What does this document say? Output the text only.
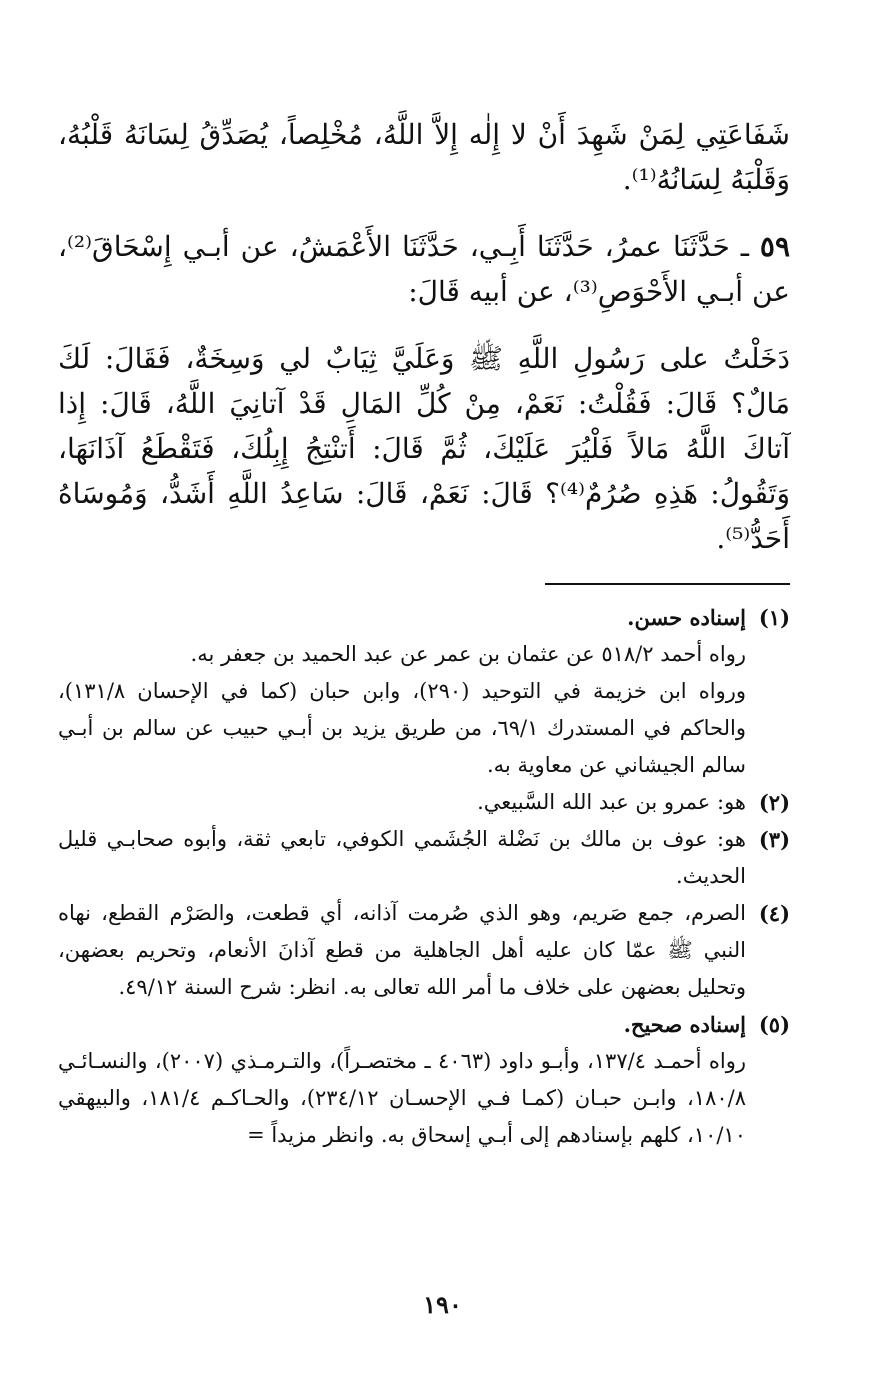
شَفَاعَتِي لِمَنْ شَهِدَ أَنْ لا إِلٰه إِلاَّ اللَّهُ، مُخْلِصاً، يُصَدِّقُ لِسَانَهُ قَلْبُهُ، وَقَلْبَهُ لِسَانُهُ⁽¹⁾.

٥٩ ـ حَدَّثَنَا عمرُ، حَدَّثَنَا أَبِـي، حَدَّثَنَا الأَعْمَشُ، عن أبـي إِسْحَاقَ⁽²⁾، عن أبـي الأَحْوَصِ⁽³⁾، عن أبيه قَالَ:

دَخَلْتُ على رَسُولِ اللَّهِ ﷺ وَعَلَيَّ ثِيَابٌ لي وَسِخَةٌ، فَقَالَ: لَكَ مَالٌ؟ قَالَ: فَقُلْتُ: نَعَمْ، مِنْ كُلِّ المَالِ قَدْ آتانِيَ اللَّهُ، قَالَ: إِذا آتاكَ اللَّهُ مَالاً فَلْيُرَ عَلَيْكَ، ثُمَّ قَالَ: أَتنْتِجُ إِبِلُكَ، فَتَقْطَعُ آذَانَهَا، وَتَقُولُ: هَذِهِ صُرُمٌ⁽⁴⁾؟ قَالَ: نَعَمْ، قَالَ: سَاعِدُ اللَّهِ أَشَدُّ، وَمُوسَاهُ أَحَدُّ⁽⁵⁾.

(١)
إسناده حسن.
رواه أحمد ٥١٨/٢ عن عثمان بن عمر عن عبد الحميد بن جعفر به.
ورواه ابن خزيمة في التوحيد (٢٩٠)، وابن حبان (كما في الإحسان ١٣١/٨)، والحاكم في المستدرك ٦٩/١، من طريق يزيد بن أبـي حبيب عن سالم بن أبـي سالم الجيشاني عن معاوية به.
(٢)
هو: عمرو بن عبد الله السَّبيعي.
(٣)
هو: عوف بن مالك بن نَضْلة الجُشَمي الكوفي، تابعي ثقة، وأبوه صحابـي قليل الحديث.
(٤)
الصرم، جمع صَريم، وهو الذي صُرمت آذانه، أي قطعت، والصَرْم القطع، نهاه النبي ﷺ عمّا كان عليه أهل الجاهلية من قطع آذانَ الأنعام، وتحريم بعضهن، وتحليل بعضهن على خلاف ما أمر الله تعالى به. انظر: شرح السنة ٤٩/١٢.
(٥)
إسناده صحيح.
رواه أحمـد ١٣٧/٤، وأبـو داود (٤٠٦٣ ـ مختصـراً)، والتـرمـذي (٢٠٠٧)، والنسـائـي ١٨٠/٨، وابـن حبـان (كمـا فـي الإحسـان ٢٣٤/١٢)، والحـاكـم ١٨١/٤، والبيهقي ١٠/١٠، كلهم بإسنادهم إلى أبـي إسحاق به. وانظر مزيداً =
١٩٠
